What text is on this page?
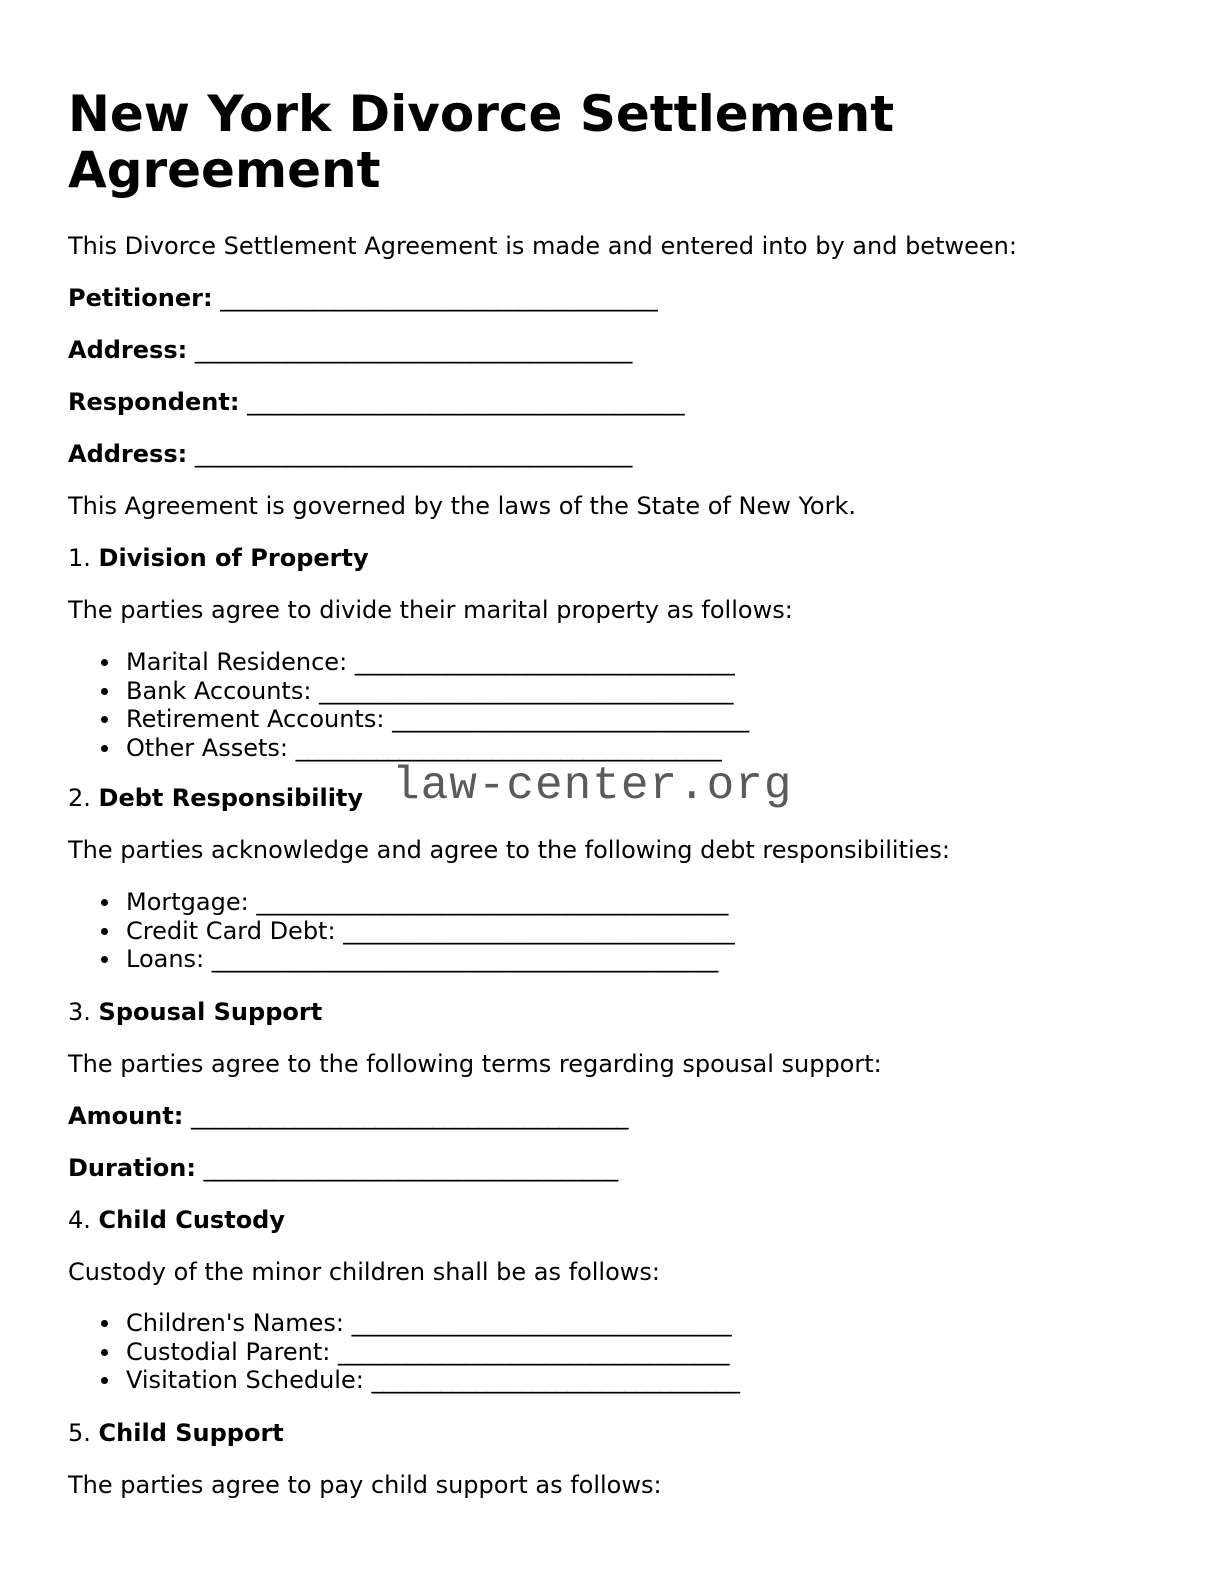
New York Divorce Settlement Agreement
This Divorce Settlement Agreement is made and entered into by and between:
Petitioner: ______________________________________
Address: ______________________________________
Respondent: ______________________________________
Address: ______________________________________
This Agreement is governed by the laws of the State of New York.
1. Division of Property
The parties agree to divide their marital property as follows:
Marital Residence: _________________________________
Bank Accounts: ____________________________________
Retirement Accounts: _______________________________
Other Assets: _____________________________________
2. Debt Responsibility
The parties acknowledge and agree to the following debt responsibilities:
Mortgage: _________________________________________
Credit Card Debt: __________________________________
Loans: ____________________________________________
3. Spousal Support
The parties agree to the following terms regarding spousal support:
Amount: ______________________________________
Duration: ____________________________________
4. Child Custody
Custody of the minor children shall be as follows:
Children's Names: _________________________________
Custodial Parent: __________________________________
Visitation Schedule: ________________________________
5. Child Support
The parties agree to pay child support as follows:
law-center.org
